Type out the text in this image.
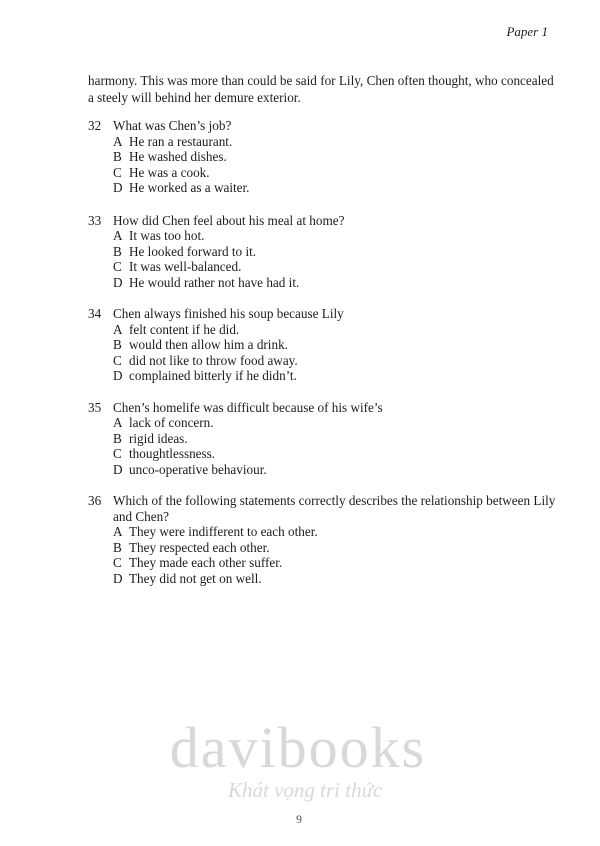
Paper 1

harmony. This was more than could be said for Lily, Chen often thought, who concealed a steely will behind her demure exterior.

32 What was Chen’s job?
A He ran a restaurant.
B He washed dishes.
C He was a cook.
D He worked as a waiter.
33 How did Chen feel about his meal at home?
A It was too hot.
B He looked forward to it.
C It was well-balanced.
D He would rather not have had it.
34 Chen always finished his soup because Lily
A felt content if he did.
B would then allow him a drink.
C did not like to throw food away.
D complained bitterly if he didn’t.
35 Chen’s homelife was difficult because of his wife’s
A lack of concern.
B rigid ideas.
C thoughtlessness.
D unco-operative behaviour.
36 Which of the following statements correctly describes the relationship between Lily and Chen?
A They were indifferent to each other.
B They respected each other.
C They made each other suffer.
D They did not get on well.
davibooks
Khát vọng tri thức
9
